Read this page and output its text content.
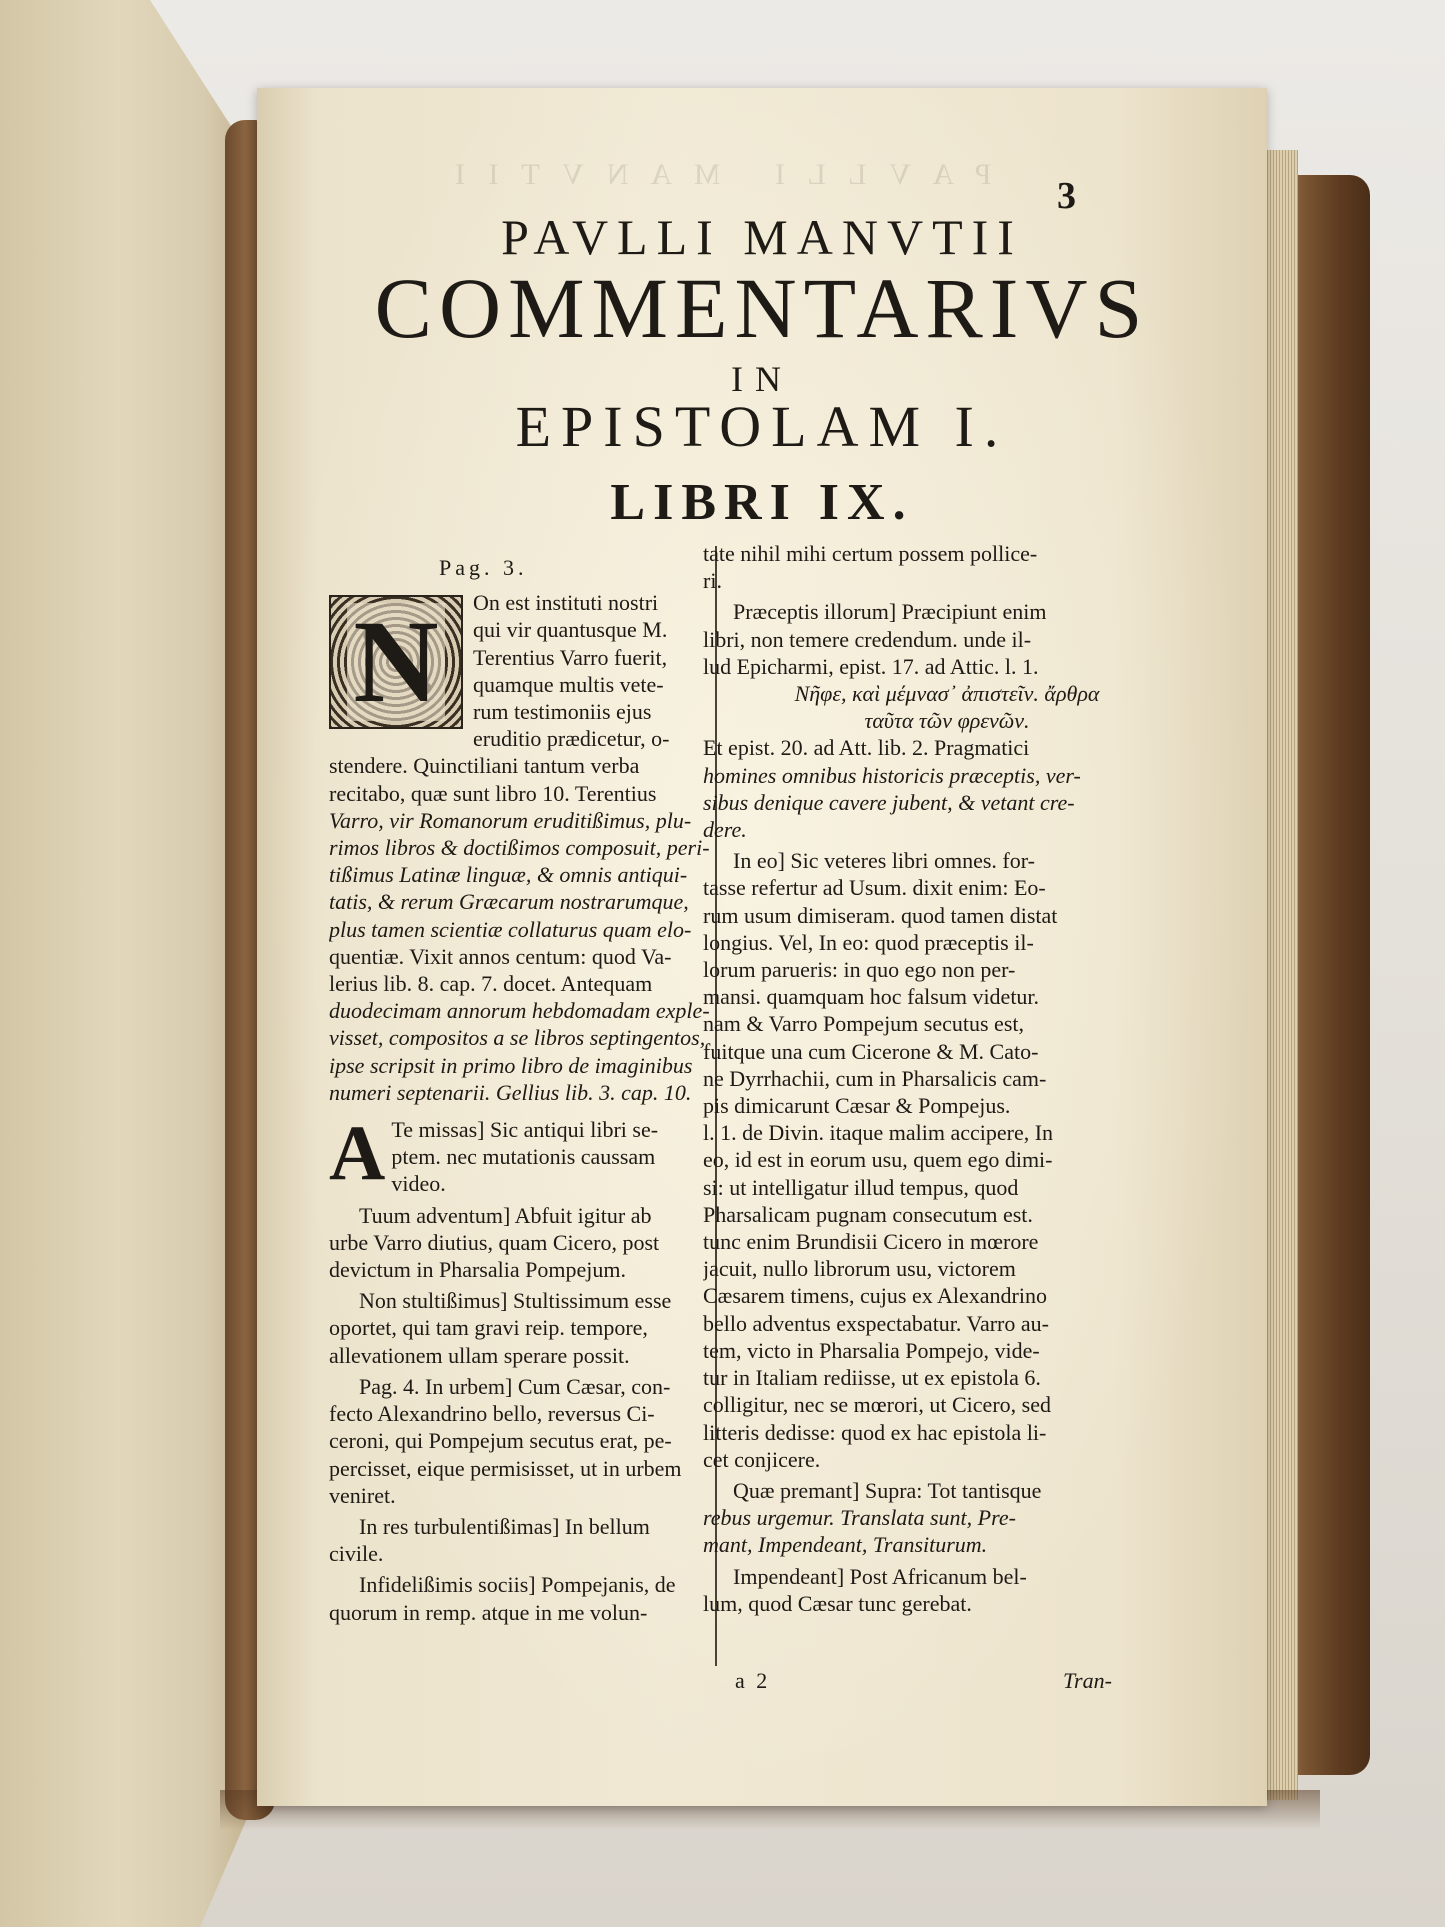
P A V L L I   M A N V T I I
3
PAVLLI MANVTII
COMMENTARIVS
IN
EPISTOLAM I.
LIBRI IX.
Pag. 3.
N On est instituti nostri
qui vir quantusque M.
Terentius Varro fuerit,
quamque multis vete-
rum testimoniis ejus
eruditio prædicetur, o-
stendere. Quinctiliani tantum verba
recitabo, quæ sunt libro 10. Terentius
Varro, vir Romanorum eruditißimus, plu-
rimos libros & doctißimos composuit, peri-
tißimus Latinæ linguæ, & omnis antiqui-
tatis, & rerum Græcarum nostrarumque,
plus tamen scientiæ collaturus quam elo-
quentiæ. Vixit annos centum: quod Va-
lerius lib. 8. cap. 7. docet. Antequam
duodecimam annorum hebdomadam exple-
visset, compositos a se libros septingentos,
ipse scripsit in primo libro de imaginibus
numeri septenarii. Gellius lib. 3. cap. 10.
A Te missas] Sic antiqui libri se-
ptem. nec mutationis caussam
video.
Tuum adventum] Abfuit igitur ab
urbe Varro diutius, quam Cicero, post
devictum in Pharsalia Pompejum.
Non stultißimus] Stultissimum esse
oportet, qui tam gravi reip. tempore,
allevationem ullam sperare possit.
Pag. 4. In urbem] Cum Cæsar, con-
fecto Alexandrino bello, reversus Ci-
ceroni, qui Pompejum secutus erat, pe-
percisset, eique permisisset, ut in urbem
veniret.
In res turbulentißimas] In bellum
civile.
Infidelißimis sociis] Pompejanis, de
quorum in remp. atque in me volun-
tate nihil mihi certum possem pollice-
ri.
Præceptis illorum] Præcipiunt enim
libri, non temere credendum. unde il-
lud Epicharmi, epist. 17. ad Attic. l. 1.
Νῆφε, καὶ μέμνασ᾽ ἀπιστεῖν. ἄρθρα
ταῦτα τῶν φρενῶν.
Et epist. 20. ad Att. lib. 2. Pragmatici
homines omnibus historicis præceptis, ver-
sibus denique cavere jubent, & vetant cre-
dere.
In eo] Sic veteres libri omnes. for-
tasse refertur ad Usum. dixit enim: Eo-
rum usum dimiseram. quod tamen distat
longius. Vel, In eo: quod præceptis il-
lorum parueris: in quo ego non per-
mansi. quamquam hoc falsum videtur.
nam & Varro Pompejum secutus est,
fuitque una cum Cicerone & M. Cato-
ne Dyrrhachii, cum in Pharsalicis cam-
pis dimicarunt Cæsar & Pompejus.
l. 1. de Divin. itaque malim accipere, In
eo, id est in eorum usu, quem ego dimi-
si: ut intelligatur illud tempus, quod
Pharsalicam pugnam consecutum est.
tunc enim Brundisii Cicero in mœrore
jacuit, nullo librorum usu, victorem
Cæsarem timens, cujus ex Alexandrino
bello adventus exspectabatur. Varro au-
tem, victo in Pharsalia Pompejo, vide-
tur in Italiam rediisse, ut ex epistola 6.
colligitur, nec se mœrori, ut Cicero, sed
litteris dedisse: quod ex hac epistola li-
cet conjicere.
Quæ premant] Supra: Tot tantisque
rebus urgemur. Translata sunt, Pre-
mant, Impendeant, Transiturum.
Impendeant] Post Africanum bel-
lum, quod Cæsar tunc gerebat.
a 2	Tran-
